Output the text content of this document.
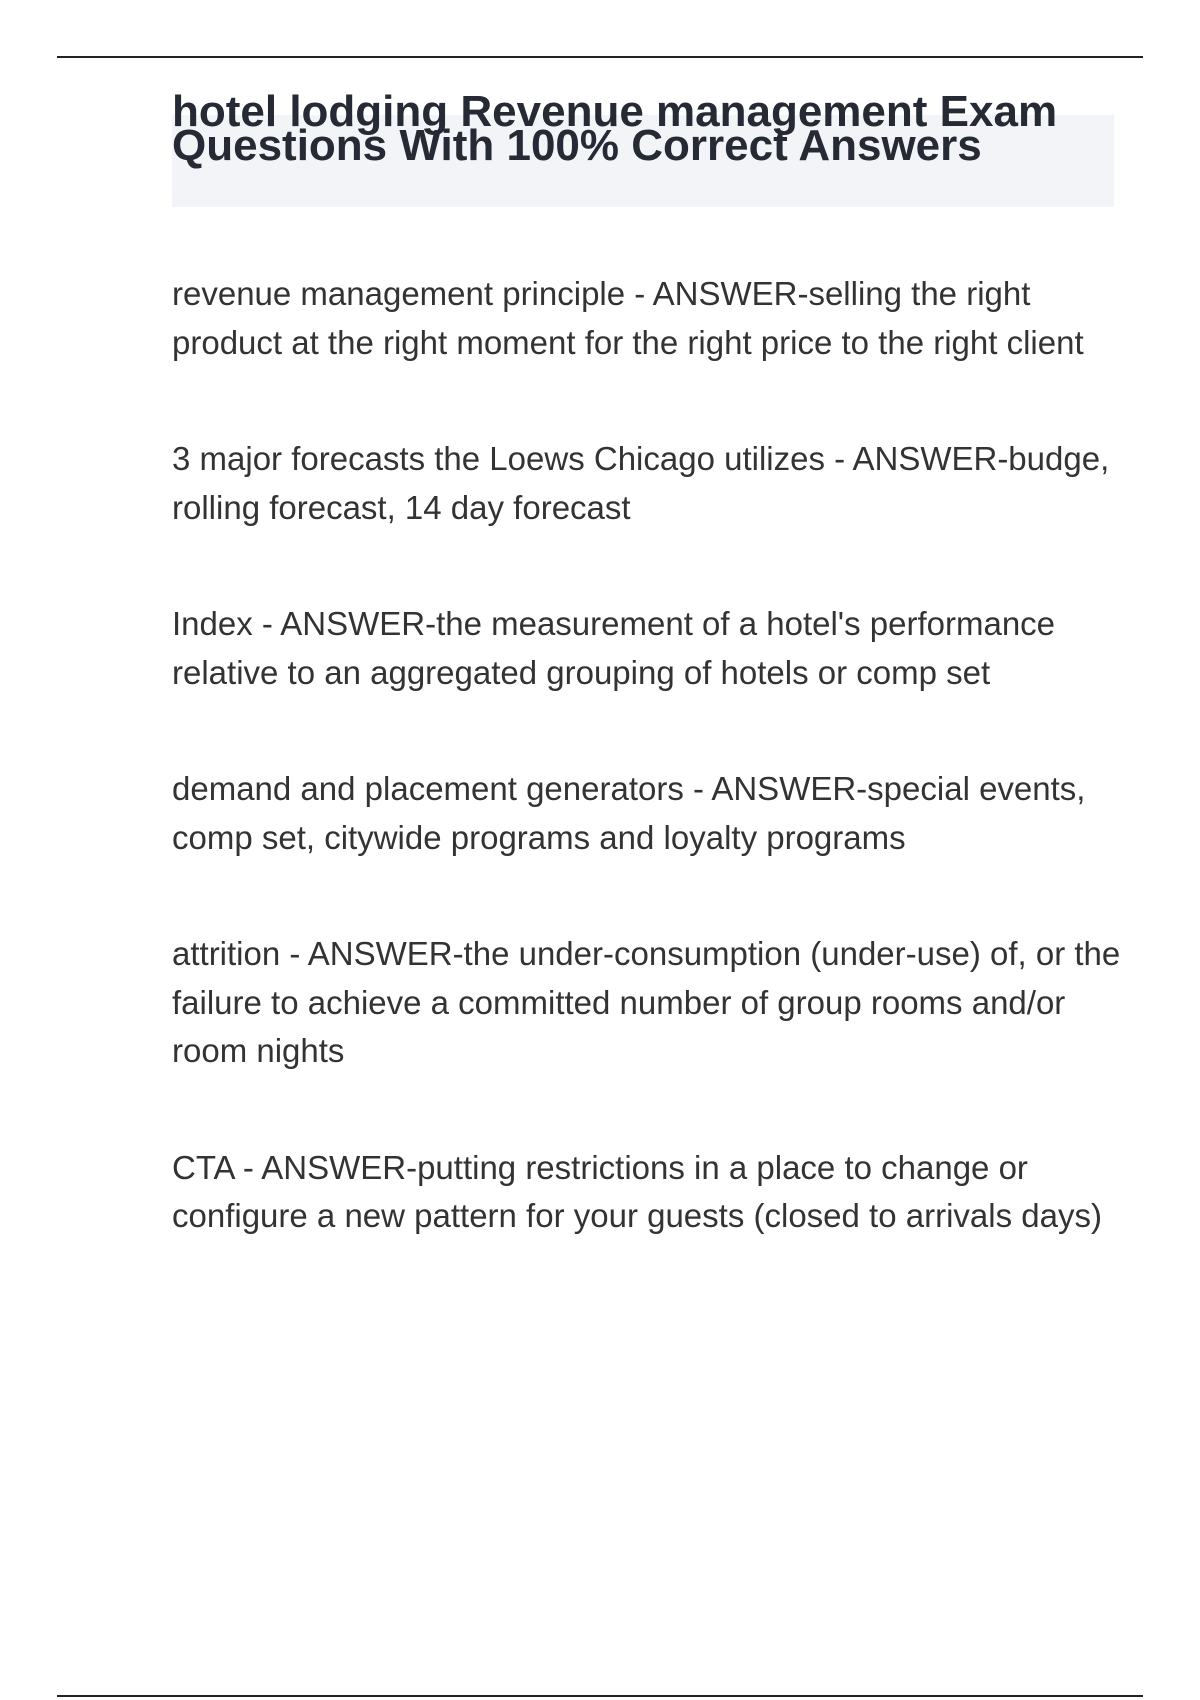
hotel lodging Revenue management Exam Questions With 100% Correct Answers

revenue management principle - ANSWER-selling the right product at the right moment for the right price to the right client

3 major forecasts the Loews Chicago utilizes - ANSWER-budge, rolling forecast, 14 day forecast

Index - ANSWER-the measurement of a hotel's performance relative to an aggregated grouping of hotels or comp set

demand and placement generators - ANSWER-special events, comp set, citywide programs and loyalty programs

attrition - ANSWER-the under-consumption (under-use) of, or the failure to achieve a committed number of group rooms and/or room nights

CTA - ANSWER-putting restrictions in a place to change or configure a new pattern for your guests (closed to arrivals days)
